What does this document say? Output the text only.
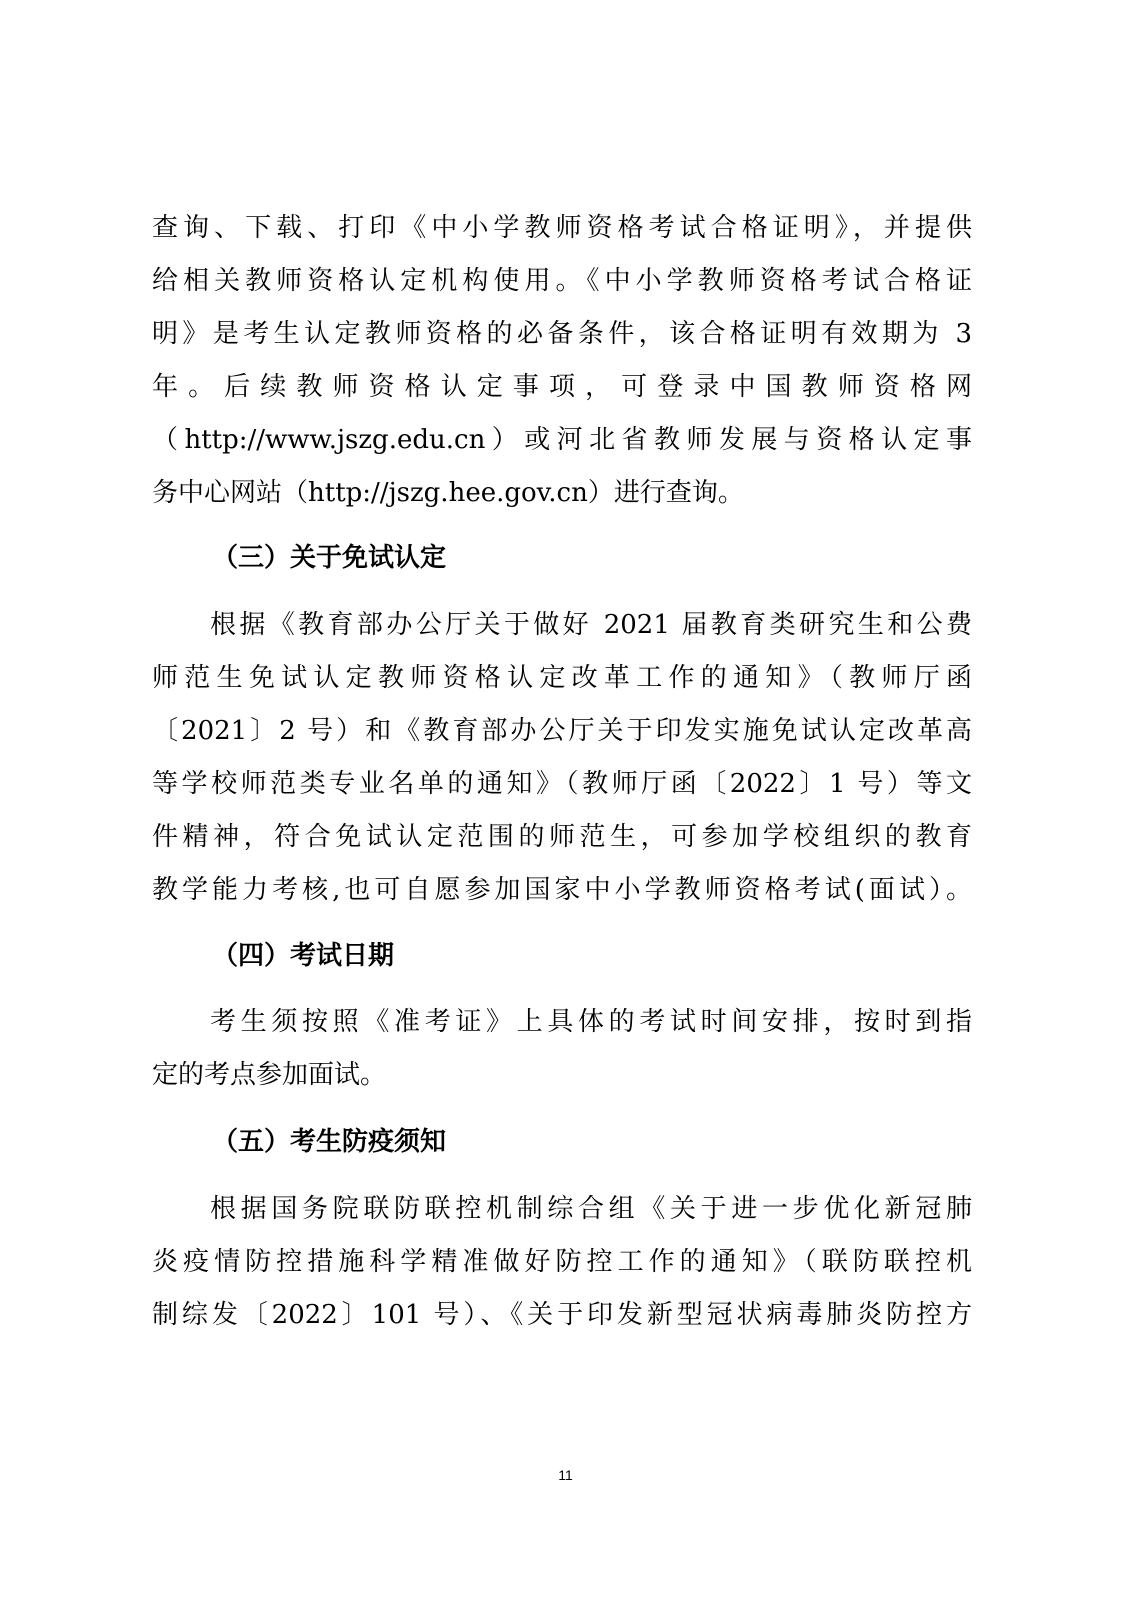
查询、下载、打印《中小学教师资格考试合格证明》，并提供
给相关教师资格认定机构使用。《中小学教师资格考试合格证
明》是考生认定教师资格的必备条件，该合格证明有效期为 3
年。后续教师资格认定事项，可登录中国教师资格网
（http://www.jszg.edu.cn）或河北省教师发展与资格认定事
务中心网站（http://jszg.hee.gov.cn）进行查询。
（三）关于免试认定
根据《教育部办公厅关于做好 2021 届教育类研究生和公费
师范生免试认定教师资格认定改革工作的通知》（教师厅函
〔2021〕2 号）和《教育部办公厅关于印发实施免试认定改革高
等学校师范类专业名单的通知》（教师厅函〔2022〕1 号）等文
件精神，符合免试认定范围的师范生，可参加学校组织的教育
教学能力考核,也可自愿参加国家中小学教师资格考试(面试）。
（四）考试日期
考生须按照《准考证》上具体的考试时间安排，按时到指
定的考点参加面试。
（五）考生防疫须知
根据国务院联防联控机制综合组《关于进一步优化新冠肺
炎疫情防控措施科学精准做好防控工作的通知》（联防联控机
制综发〔2022〕101 号）、《关于印发新型冠状病毒肺炎防控方
11
